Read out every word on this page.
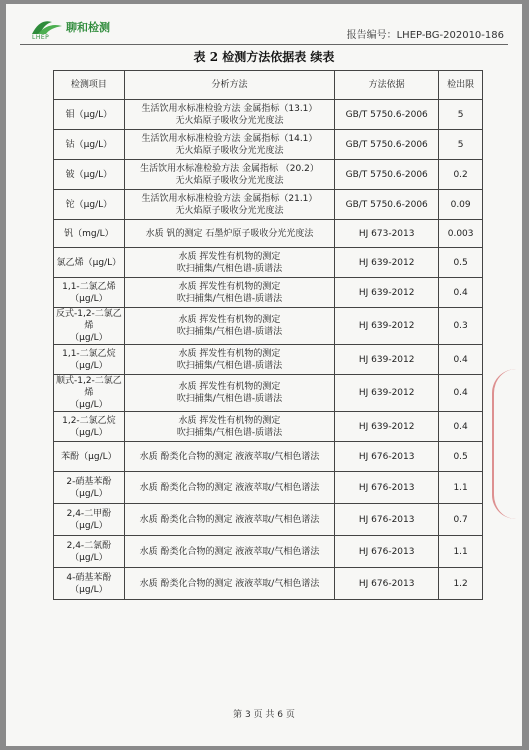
LHEP
聊和检测
报告编号：LHEP-BG-202010-186
表 2 检测方法依据表 续表
检测项目	分析方法	方法依据	检出限
钼（μg/L）	生活饮用水标准检验方法 金属指标（13.1）
无火焰原子吸收分光光度法	GB/T 5750.6-2006	5
钴（μg/L）	生活饮用水标准检验方法 金属指标（14.1）
无火焰原子吸收分光光度法	GB/T 5750.6-2006	5
铍（μg/L）	生活饮用水标准检验方法 金属指标 （20.2）
无火焰原子吸收分光光度法	GB/T 5750.6-2006	0.2
铊（μg/L）	生活饮用水标准检验方法 金属指标（21.1）
无火焰原子吸收分光光度法	GB/T 5750.6-2006	0.09
钒（mg/L）	水质 钒的测定 石墨炉原子吸收分光光度法	HJ 673-2013	0.003
氯乙烯（μg/L）	水质 挥发性有机物的测定
吹扫捕集/气相色谱-质谱法	HJ 639-2012	0.5
1,1-二氯乙烯
（μg/L）	水质 挥发性有机物的测定
吹扫捕集/气相色谱-质谱法	HJ 639-2012	0.4
反式-1,2-二氯乙烯
（μg/L）	水质 挥发性有机物的测定
吹扫捕集/气相色谱-质谱法	HJ 639-2012	0.3
1,1-二氯乙烷
（μg/L）	水质 挥发性有机物的测定
吹扫捕集/气相色谱-质谱法	HJ 639-2012	0.4
顺式-1,2-二氯乙烯
（μg/L）	水质 挥发性有机物的测定
吹扫捕集/气相色谱-质谱法	HJ 639-2012	0.4
1,2-二氯乙烷
（μg/L）	水质 挥发性有机物的测定
吹扫捕集/气相色谱-质谱法	HJ 639-2012	0.4
苯酚（μg/L）	水质 酚类化合物的测定 液液萃取/气相色谱法	HJ 676-2013	0.5
2-硝基苯酚（μg/L）	水质 酚类化合物的测定 液液萃取/气相色谱法	HJ 676-2013	1.1
2,4-二甲酚（μg/L）	水质 酚类化合物的测定 液液萃取/气相色谱法	HJ 676-2013	0.7
2,4-二氯酚（μg/L）	水质 酚类化合物的测定 液液萃取/气相色谱法	HJ 676-2013	1.1
4-硝基苯酚（μg/L）	水质 酚类化合物的测定 液液萃取/气相色谱法	HJ 676-2013	1.2
第 3 页 共 6 页
